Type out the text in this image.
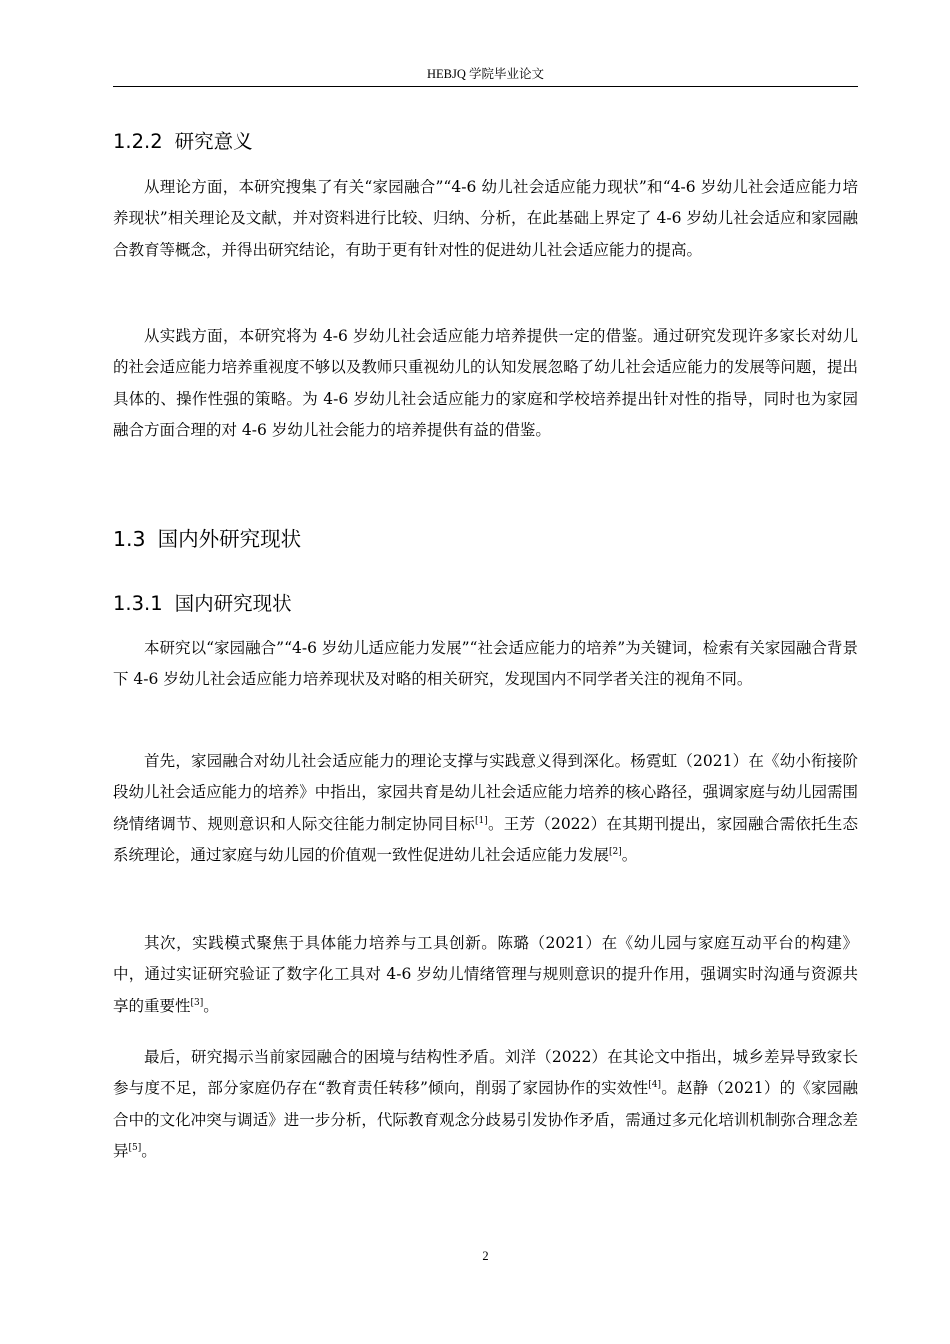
HEBJQ 学院毕业论文
1.2.2 研究意义
从理论方面，本研究搜集了有关“家园融合”“4-6 幼儿社会适应能力现状”和“4-6 岁幼儿社会适应能力培养现状”相关理论及文献，并对资料进行比较、归纳、分析，在此基础上界定了 4-6 岁幼儿社会适应和家园融合教育等概念，并得出研究结论，有助于更有针对性的促进幼儿社会适应能力的提高。
从实践方面，本研究将为 4-6 岁幼儿社会适应能力培养提供一定的借鉴。通过研究发现许多家长对幼儿的社会适应能力培养重视度不够以及教师只重视幼儿的认知发展忽略了幼儿社会适应能力的发展等问题，提出具体的、操作性强的策略。为 4-6 岁幼儿社会适应能力的家庭和学校培养提出针对性的指导，同时也为家园融合方面合理的对 4-6 岁幼儿社会能力的培养提供有益的借鉴。
1.3 国内外研究现状
1.3.1 国内研究现状
本研究以“家园融合”“4-6 岁幼儿适应能力发展”“社会适应能力的培养”为关键词，检索有关家园融合背景下 4-6 岁幼儿社会适应能力培养现状及对略的相关研究，发现国内不同学者关注的视角不同。
首先，家园融合对幼儿社会适应能力的理论支撑与实践意义得到深化。杨霓虹（2021）在《幼小衔接阶段幼儿社会适应能力的培养》中指出，家园共育是幼儿社会适应能力培养的核心路径，强调家庭与幼儿园需围绕情绪调节、规则意识和人际交往能力制定协同目标[1]。王芳（2022）在其期刊提出，家园融合需依托生态系统理论，通过家庭与幼儿园的价值观一致性促进幼儿社会适应能力发展[2]。
其次，实践模式聚焦于具体能力培养与工具创新。陈璐（2021）在《幼儿园与家庭互动平台的构建》中，通过实证研究验证了数字化工具对 4-6 岁幼儿情绪管理与规则意识的提升作用，强调实时沟通与资源共享的重要性[3]。
最后，研究揭示当前家园融合的困境与结构性矛盾。刘洋（2022）在其论文中指出，城乡差异导致家长参与度不足，部分家庭仍存在“教育责任转移”倾向，削弱了家园协作的实效性[4]。赵静（2021）的《家园融合中的文化冲突与调适》进一步分析，代际教育观念分歧易引发协作矛盾，需通过多元化培训机制弥合理念差异[5]。
2
